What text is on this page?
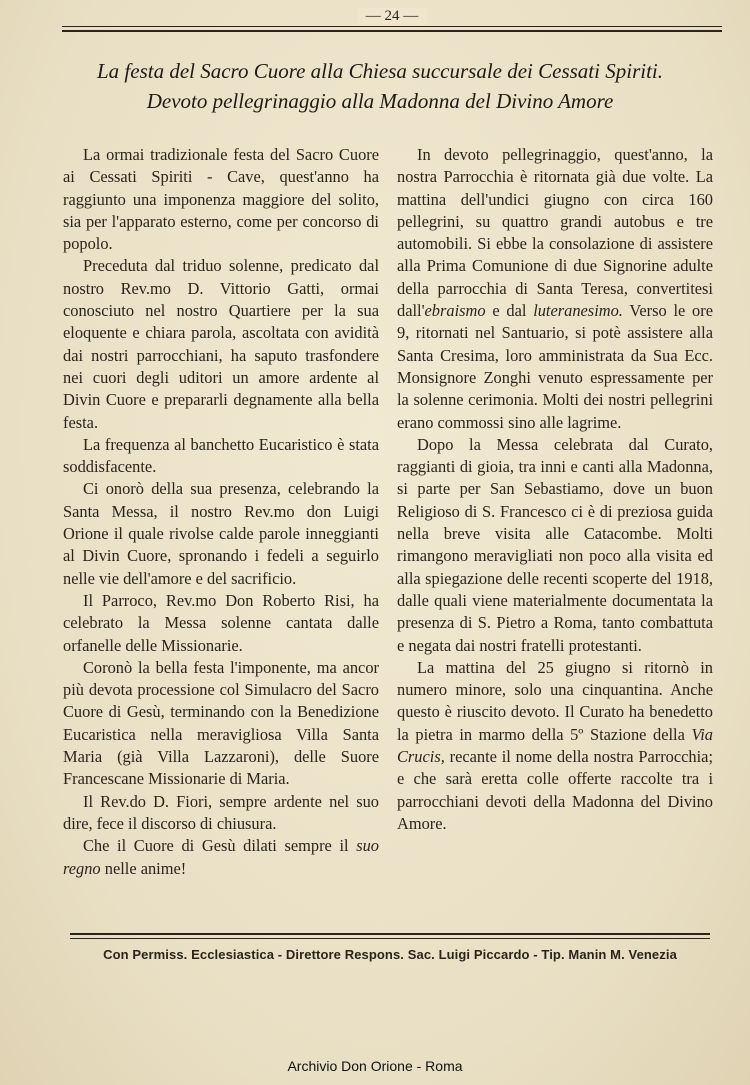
— 24 —
La festa del Sacro Cuore alla Chiesa succursale dei Cessati Spiriti.
Devoto pellegrinaggio alla Madonna del Divino Amore

La ormai tradizionale festa del Sacro Cuore ai Cessati Spiriti - Cave, quest'anno ha raggiunto una imponenza maggiore del solito, sia per l'apparato esterno, come per concorso di popolo.

Preceduta dal triduo solenne, predicato dal nostro Rev.mo D. Vittorio Gatti, ormai conosciuto nel nostro Quartiere per la sua eloquente e chiara parola, ascoltata con avidità dai nostri parrocchiani, ha saputo trasfondere nei cuori degli uditori un amore ardente al Divin Cuore e prepararli degnamente alla bella festa.

La frequenza al banchetto Eucaristico è stata soddisfacente.

Ci onorò della sua presenza, celebrando la Santa Messa, il nostro Rev.mo don Luigi Orione il quale rivolse calde parole inneggianti al Divin Cuore, spronando i fedeli a seguirlo nelle vie dell'amore e del sacrificio.

Il Parroco, Rev.mo Don Roberto Risi, ha celebrato la Messa solenne cantata dalle orfanelle delle Missionarie.

Coronò la bella festa l'imponente, ma ancor più devota processione col Simulacro del Sacro Cuore di Gesù, terminando con la Benedizione Eucaristica nella meravigliosa Villa Santa Maria (già Villa Lazzaroni), delle Suore Francescane Missionarie di Maria.

Il Rev.do D. Fiori, sempre ardente nel suo dire, fece il discorso di chiusura.

Che il Cuore di Gesù dilati sempre il suo regno nelle anime!

In devoto pellegrinaggio, quest'anno, la nostra Parrocchia è ritornata già due volte. La mattina dell'undici giugno con circa 160 pellegrini, su quattro grandi autobus e tre automobili. Si ebbe la consolazione di assistere alla Prima Comunione di due Signorine adulte della parrocchia di Santa Teresa, convertitesi dall'ebraismo e dal luteranesimo. Verso le ore 9, ritornati nel Santuario, si potè assistere alla Santa Cresima, loro amministrata da Sua Ecc. Monsignore Zonghi venuto espressamente per la solenne cerimonia. Molti dei nostri pellegrini erano commossi sino alle lagrime.

Dopo la Messa celebrata dal Curato, raggianti di gioia, tra inni e canti alla Madonna, si parte per San Sebastiamo, dove un buon Religioso di S. Francesco ci è di preziosa guida nella breve visita alle Catacombe. Molti rimangono meravigliati non poco alla visita ed alla spiegazione delle recenti scoperte del 1918, dalle quali viene materialmente documentata la presenza di S. Pietro a Roma, tanto combattuta e negata dai nostri fratelli protestanti.

La mattina del 25 giugno si ritornò in numero minore, solo una cinquantina. Anche questo è riuscito devoto. Il Curato ha benedetto la pietra in marmo della 5º Stazione della Via Crucis, recante il nome della nostra Parrocchia; e che sarà eretta colle offerte raccolte tra i parrocchiani devoti della Madonna del Divino Amore.

Con Permiss. Ecclesiastica - Direttore Respons. Sac. Luigi Piccardo - Tip. Manin M. Venezia
Archivio Don Orione - Roma
